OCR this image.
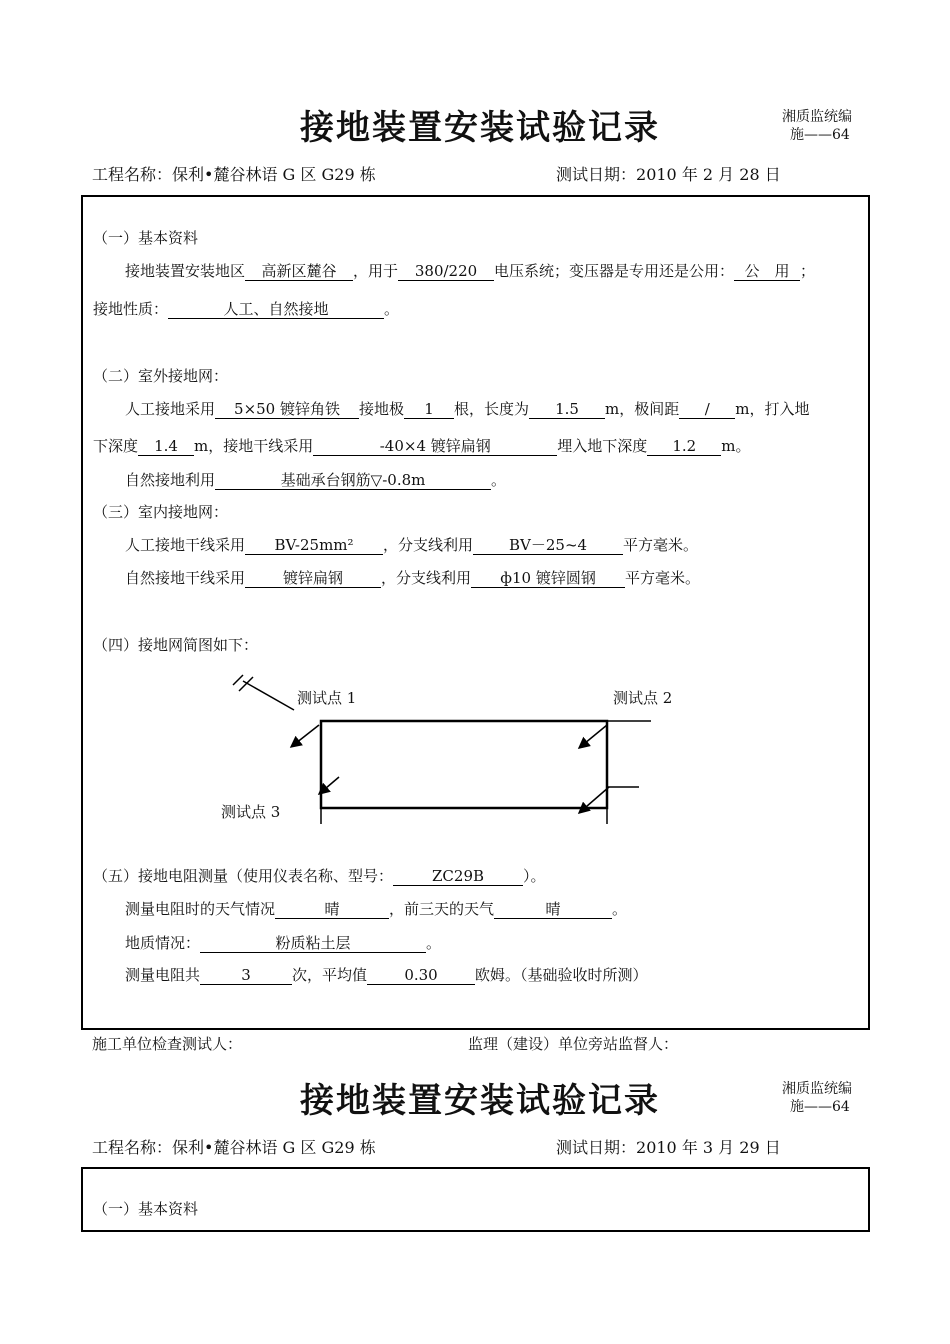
接地装置安装试验记录	湘质监统编
施——64
工程名称：保利•麓谷林语 G 区 G29 栋	测试日期：2010 年 2 月 28 日
（一）基本资料
接地装置安装地区 高新区麓谷 ，用于 380/220 电压系统；变压器是专用还是公用： 公　用 ；
接地性质：	人工、自然接地	。
（二）室外接地网：
人工接地采用 5×50 镀锌角铁 接地极 1 根，长度为 1.5 m，极间距 / m，打入地
下深度 1.4 m，接地干线采用	-40×4 镀锌扁钢	埋入地下深度 1.2 m。
自然接地利用	基础承台钢筋▽-0.8m	。
（三）室内接地网：
人工接地干线采用 BV-25mm² ，分支线利用 BV－25~4 平方毫米。
自然接地干线采用	镀锌扁钢	，分支线利用 ф10 镀锌圆钢 平方毫米。
（四）接地网简图如下：
测试点 1	测试点 2
测试点 3
（五）接地电阻测量（使用仪表名称、型号：	ZC29B	）。
测量电阻时的天气情况	晴	，前三天的天气	晴	。
地质情况：	粉质粘土层	。
测量电阻共	3	次，平均值 0.30 欧姆。（基础验收时所测）
施工单位检查测试人：	监理（建设）单位旁站监督人：
接地装置安装试验记录	湘质监统编
施——64
工程名称：保利•麓谷林语 G 区 G29 栋	测试日期：2010 年 3 月 29 日
（一）基本资料
